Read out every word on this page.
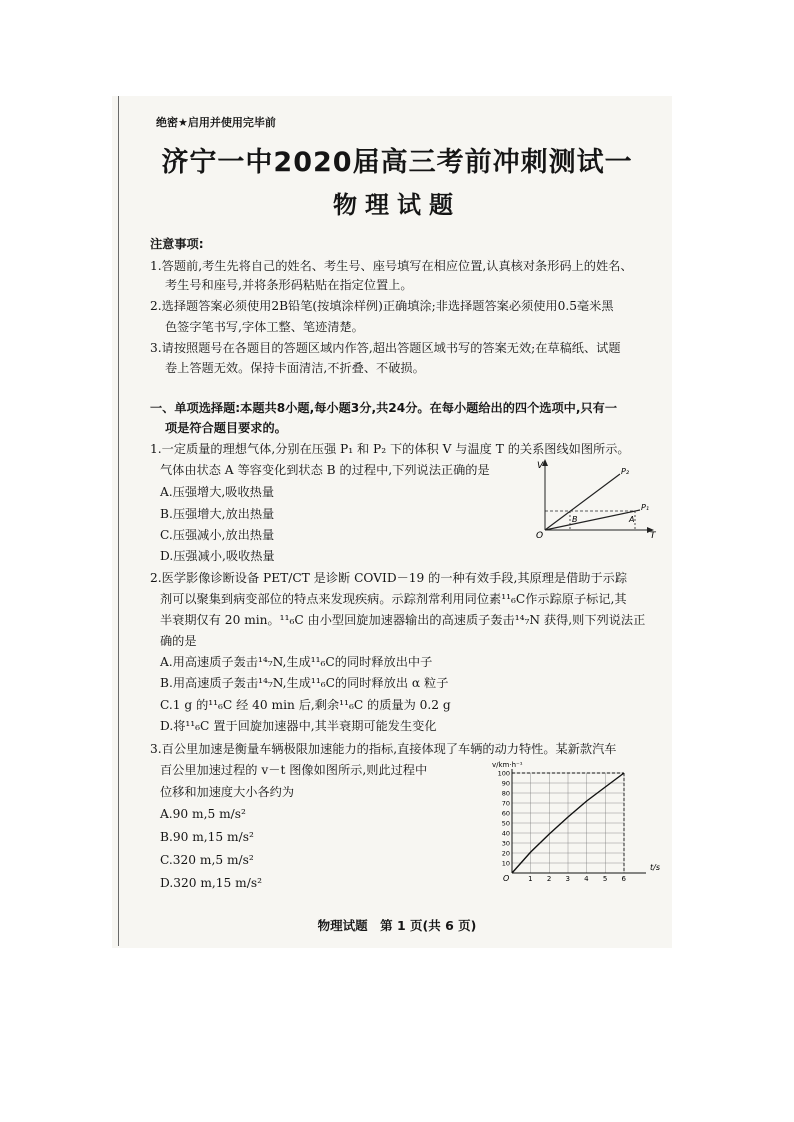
绝密★启用并使用完毕前
济宁一中2020届高三考前冲刺测试一
物理试题
注意事项:
1.答题前,考生先将自己的姓名、考生号、座号填写在相应位置,认真核对条形码上的姓名、
考生号和座号,并将条形码粘贴在指定位置上。
2.选择题答案必须使用2B铅笔(按填涂样例)正确填涂;非选择题答案必须使用0.5毫米黑
色签字笔书写,字体工整、笔迹清楚。
3.请按照题号在各题目的答题区域内作答,超出答题区域书写的答案无效;在草稿纸、试题
卷上答题无效。保持卡面清洁,不折叠、不破损。
一、单项选择题:本题共8小题,每小题3分,共24分。在每小题给出的四个选项中,只有一
项是符合题目要求的。
1.一定质量的理想气体,分别在压强 P₁ 和 P₂ 下的体积 V 与温度 T 的关系图线如图所示。
气体由状态 A 等容变化到状态 B 的过程中,下列说法正确的是
A.压强增大,吸收热量
B.压强增大,放出热量
C.压强减小,放出热量
D.压强减小,吸收热量
V
T
O
P₂
P₁
A
B
2.医学影像诊断设备 PET/CT 是诊断 COVID－19 的一种有效手段,其原理是借助于示踪
剂可以聚集到病变部位的特点来发现疾病。示踪剂常利用同位素¹¹₆C作示踪原子标记,其
半衰期仅有 20 min。¹¹₆C 由小型回旋加速器输出的高速质子轰击¹⁴₇N 获得,则下列说法正
确的是
A.用高速质子轰击¹⁴₇N,生成¹¹₆C的同时释放出中子
B.用高速质子轰击¹⁴₇N,生成¹¹₆C的同时释放出 α 粒子
C.1 g 的¹¹₆C 经 40 min 后,剩余¹¹₆C 的质量为 0.2 g
D.将¹¹₆C 置于回旋加速器中,其半衰期可能发生变化
3.百公里加速是衡量车辆极限加速能力的指标,直接体现了车辆的动力特性。某新款汽车
百公里加速过程的 v－t 图像如图所示,则此过程中
位移和加速度大小各约为
A.90 m,5 m/s²
B.90 m,15 m/s²
C.320 m,5 m/s²
D.320 m,15 m/s²	1 2 3 4 5 6
10
20
30
40
50
60
70
80
90
100
v/km·h⁻¹
t/s
O
物理试题　第 1 页(共 6 页)
